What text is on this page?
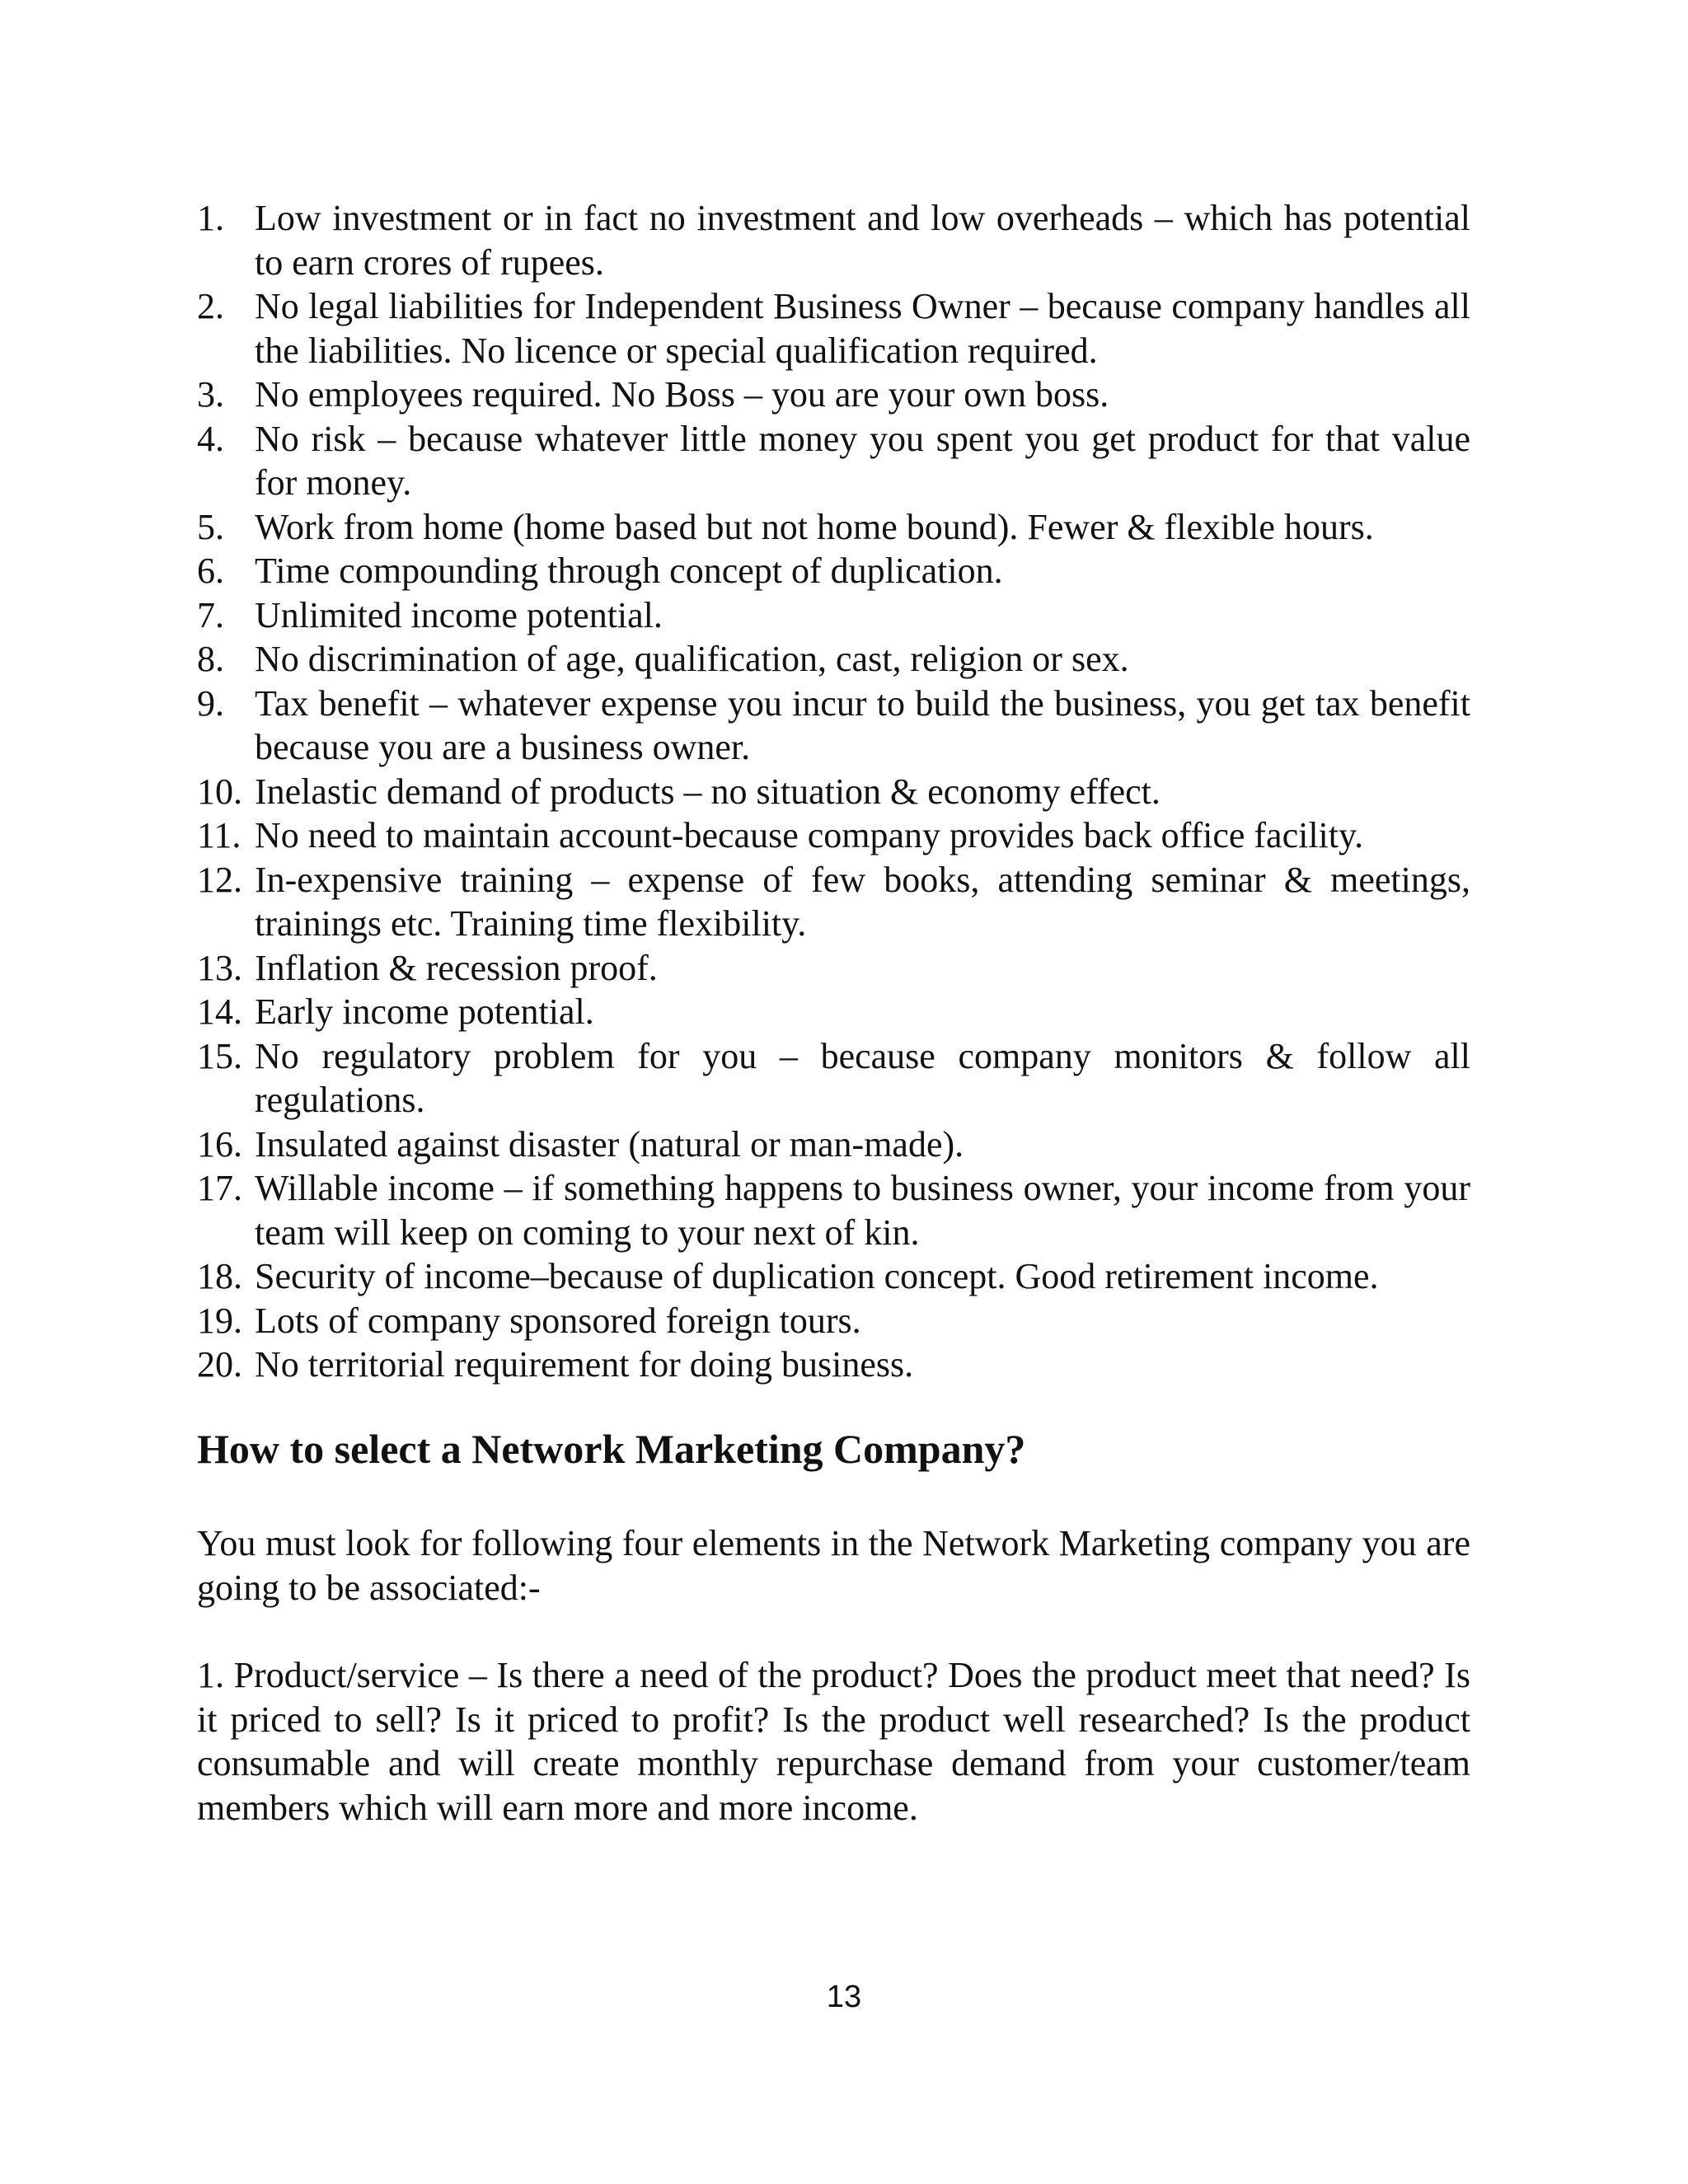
1. Low investment or in fact no investment and low overheads – which has potential to earn crores of rupees.
2. No legal liabilities for Independent Business Owner – because company handles all the liabilities. No licence or special qualification required.
3. No employees required. No Boss – you are your own boss.
4. No risk – because whatever little money you spent you get product for that value for money.
5. Work from home (home based but not home bound). Fewer & flexible hours.
6. Time compounding through concept of duplication.
7. Unlimited income potential.
8. No discrimination of age, qualification, cast, religion or sex.
9. Tax benefit – whatever expense you incur to build the business, you get tax benefit because you are a business owner.
10. Inelastic demand of products – no situation & economy effect.
11. No need to maintain account-because company provides back office facility.
12. In-expensive training – expense of few books, attending seminar & meetings, trainings etc. Training time flexibility.
13. Inflation & recession proof.
14. Early income potential.
15. No regulatory problem for you – because company monitors & follow all regulations.
16. Insulated against disaster (natural or man-made).
17. Willable income – if something happens to business owner, your income from your team will keep on coming to your next of kin.
18. Security of income–because of duplication concept. Good retirement income.
19. Lots of company sponsored foreign tours.
20. No territorial requirement for doing business.
How to select a Network Marketing Company?

You must look for following four elements in the Network Marketing company you are going to be associated:-

1. Product/service – Is there a need of the product? Does the product meet that need? Is it priced to sell? Is it priced to profit? Is the product well researched? Is the product consumable and will create monthly repurchase demand from your customer/team members which will earn more and more income.

13
